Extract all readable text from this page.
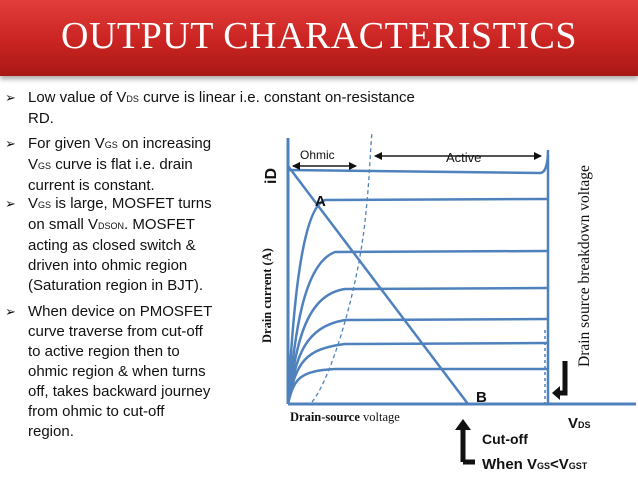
OUTPUT CHARACTERISTICS
➢ Low value of VDS curve is linear i.e. constant on-resistance
RD.
➢ For given VGS on increasing
VGS curve is flat i.e. drain
current is constant.
➢ VGS is large, MOSFET turns
on small VDSON. MOSFET
acting as closed switch &
driven into ohmic region
(Saturation region in BJT).
➢ When device on PMOSFET
curve traverse from cut-off
to active region then to
ohmic region & when turns
off, takes backward journey
from ohmic to cut-off
region.
Ohmic	Active
A
B
Drain current (A)
iD
Drain-source voltage	VDS
Drain source breakdown voltage
Cut-off
When VGS<VGST
